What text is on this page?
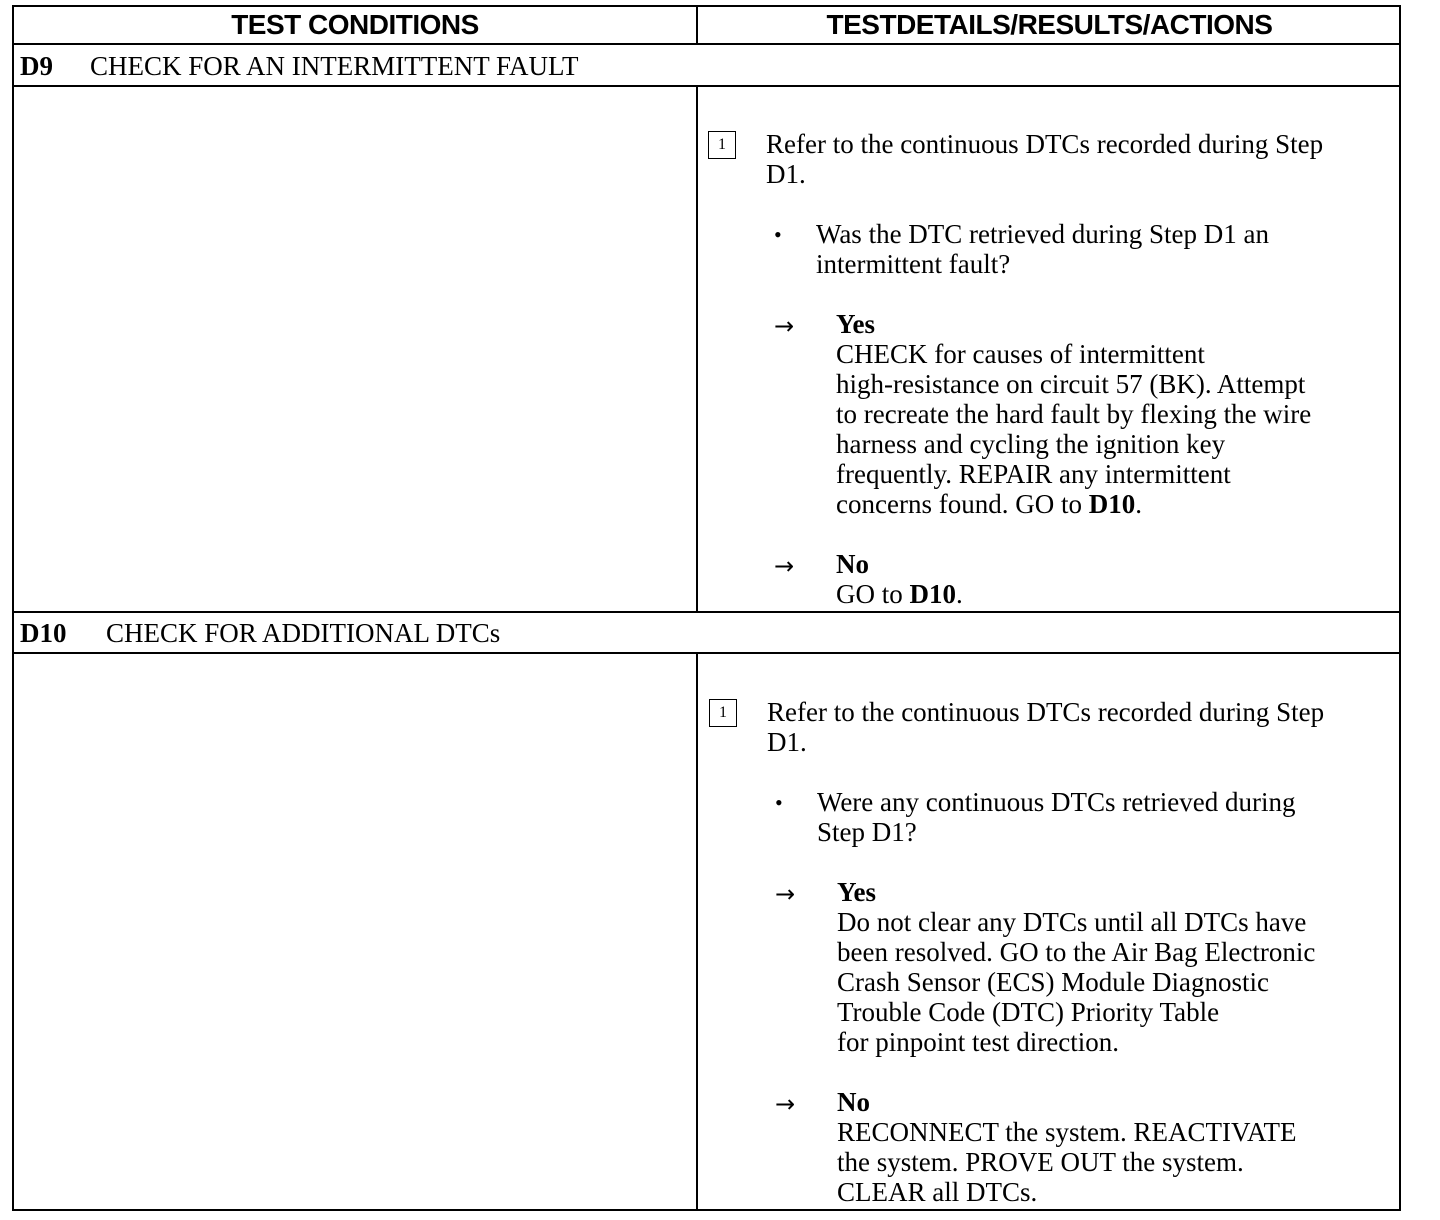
TEST CONDITIONS	TESTDETAILS/RESULTS/ACTIONS
D9 CHECK FOR AN INTERMITTENT FAULT
1	Refer to the continuous DTCs recorded during Step
D1.
• Was the DTC retrieved during Step D1 an
intermittent fault?
→ Yes
CHECK for causes of intermittent
high-resistance on circuit 57 (BK). Attempt
to recreate the hard fault by flexing the wire
harness and cycling the ignition key
frequently. REPAIR any intermittent
concerns found. GO to D10.
→ No
GO to D10.
D10 CHECK FOR ADDITIONAL DTCs
1	Refer to the continuous DTCs recorded during Step
D1.
• Were any continuous DTCs retrieved during
Step D1?
→ Yes
Do not clear any DTCs until all DTCs have
been resolved. GO to the Air Bag Electronic
Crash Sensor (ECS) Module Diagnostic
Trouble Code (DTC) Priority Table
for pinpoint test direction.
→ No
RECONNECT the system. REACTIVATE
the system. PROVE OUT the system.
CLEAR all DTCs.
